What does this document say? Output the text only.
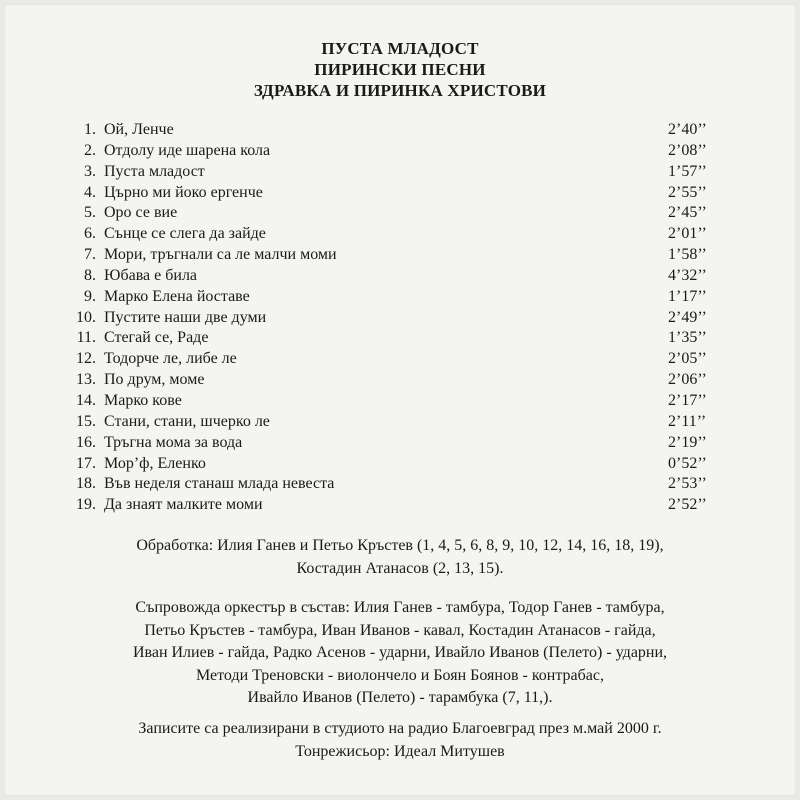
ПУСТА МЛАДОСТ
ПИРИНСКИ ПЕСНИ
ЗДРАВКА И ПИРИНКА ХРИСТОВИ
1. Ой, Ленче	2’40’’
2. Отдолу иде шарена кола	2’08’’
3. Пуста младост	1’57’’
4. Църно ми йоко ергенче	2’55’’
5. Оро се вие	2’45’’
6. Сънце се слега да зайде	2’01’’
7. Мори, тръгнали са ле малчи моми	1’58’’
8. Юбава е била	4’32’’
9. Марко Елена йоставе	1’17’’
10. Пустите наши две думи	2’49’’
11. Стегай се, Раде	1’35’’
12. Тодорче ле, либе ле	2’05’’
13. По друм, моме	2’06’’
14. Марко кове	2’17’’
15. Стани, стани, шчерко ле	2’11’’
16. Тръгна мома за вода	2’19’’
17. Мор’ф, Еленко	0’52’’
18. Във неделя станаш млада невеста	2’53’’
19. Да знаят малките моми	2’52’’
Обработка: Илия Ганев и Петьо Кръстев (1, 4, 5, 6, 8, 9, 10, 12, 14, 16, 18, 19),
Костадин Атанасов (2, 13, 15).
Съпровожда оркестър в състав: Илия Ганев - тамбура, Тодор Ганев - тамбура,
Петьо Кръстев - тамбура, Иван Иванов - кавал, Костадин Атанасов - гайда,
Иван Илиев - гайда, Радко Асенов - ударни, Ивайло Иванов (Пелето) - ударни,
Методи Треновски - виолончело и Боян Боянов - контрабас,
Ивайло Иванов (Пелето) - тарамбука (7, 11,).
Записите са реализирани в студиото на радио Благоевград през м.май 2000 г.
Тонрежисьор: Идеал Митушев
